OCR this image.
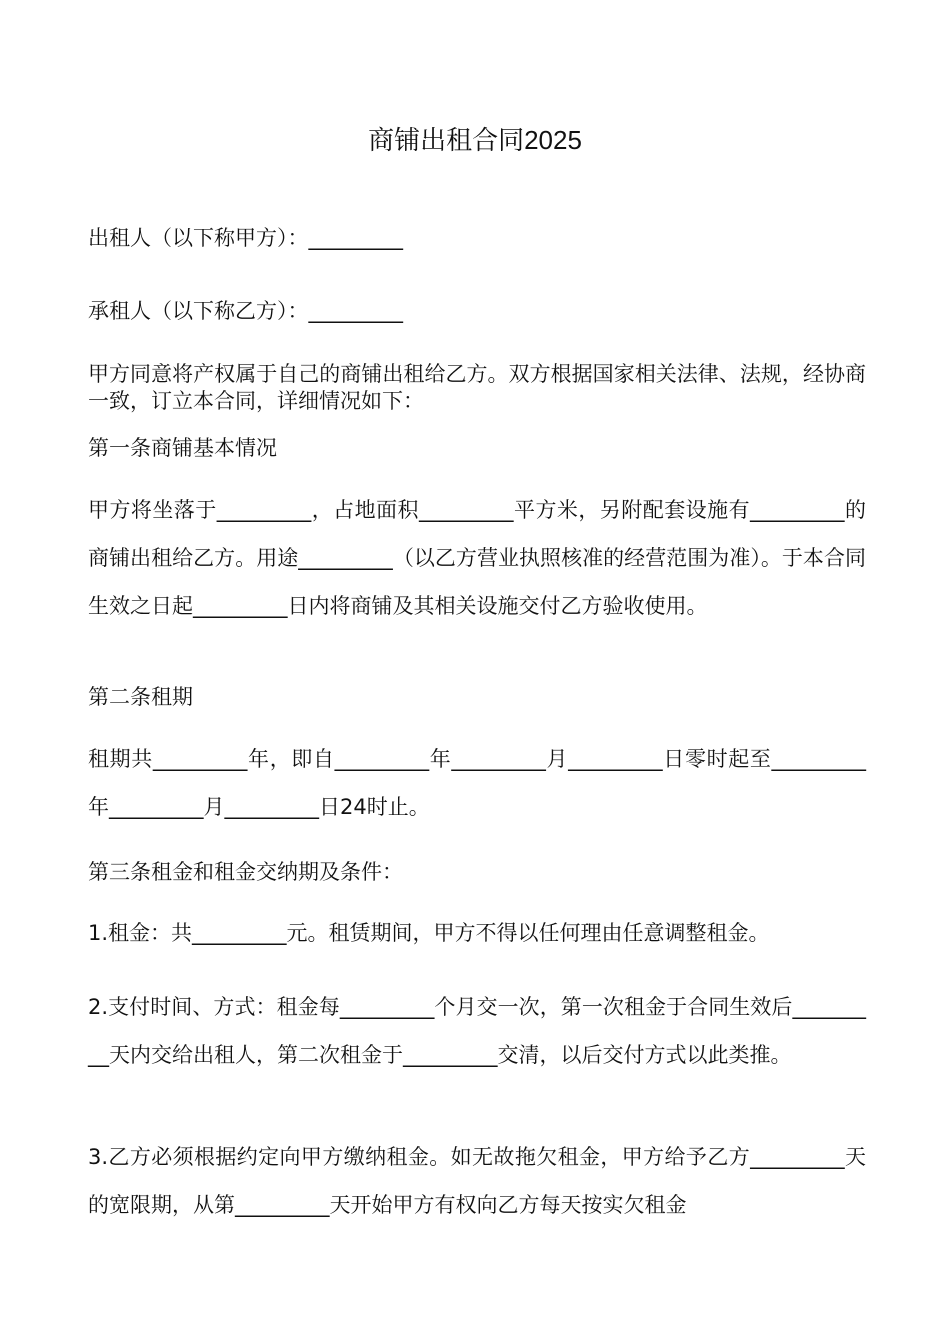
商铺出租合同2025
出租人（以下称甲方）：_________
承租人（以下称乙方）：_________
甲方同意将产权属于自己的商铺出租给乙方。双方根据国家相关法律、法规，经协商一致，订立本合同，详细情况如下：
第一条商铺基本情况
甲方将坐落于_________，占地面积_________平方米，另附配套设施有_________的商铺出租给乙方。用途_________（以乙方营业执照核准的经营范围为准）。于本合同生效之日起_________日内将商铺及其相关设施交付乙方验收使用。
第二条租期
租期共_________年，即自_________年_________月_________日零时起至_________年_________月_________日24时止。
第三条租金和租金交纳期及条件：
1.租金：共_________元。租赁期间，甲方不得以任何理由任意调整租金。
2.支付时间、方式：租金每_________个月交一次，第一次租金于合同生效后_________天内交给出租人，第二次租金于_________交清，以后交付方式以此类推。
3.乙方必须根据约定向甲方缴纳租金。如无故拖欠租金，甲方给予乙方_________天的宽限期，从第_________天开始甲方有权向乙方每天按实欠租金
